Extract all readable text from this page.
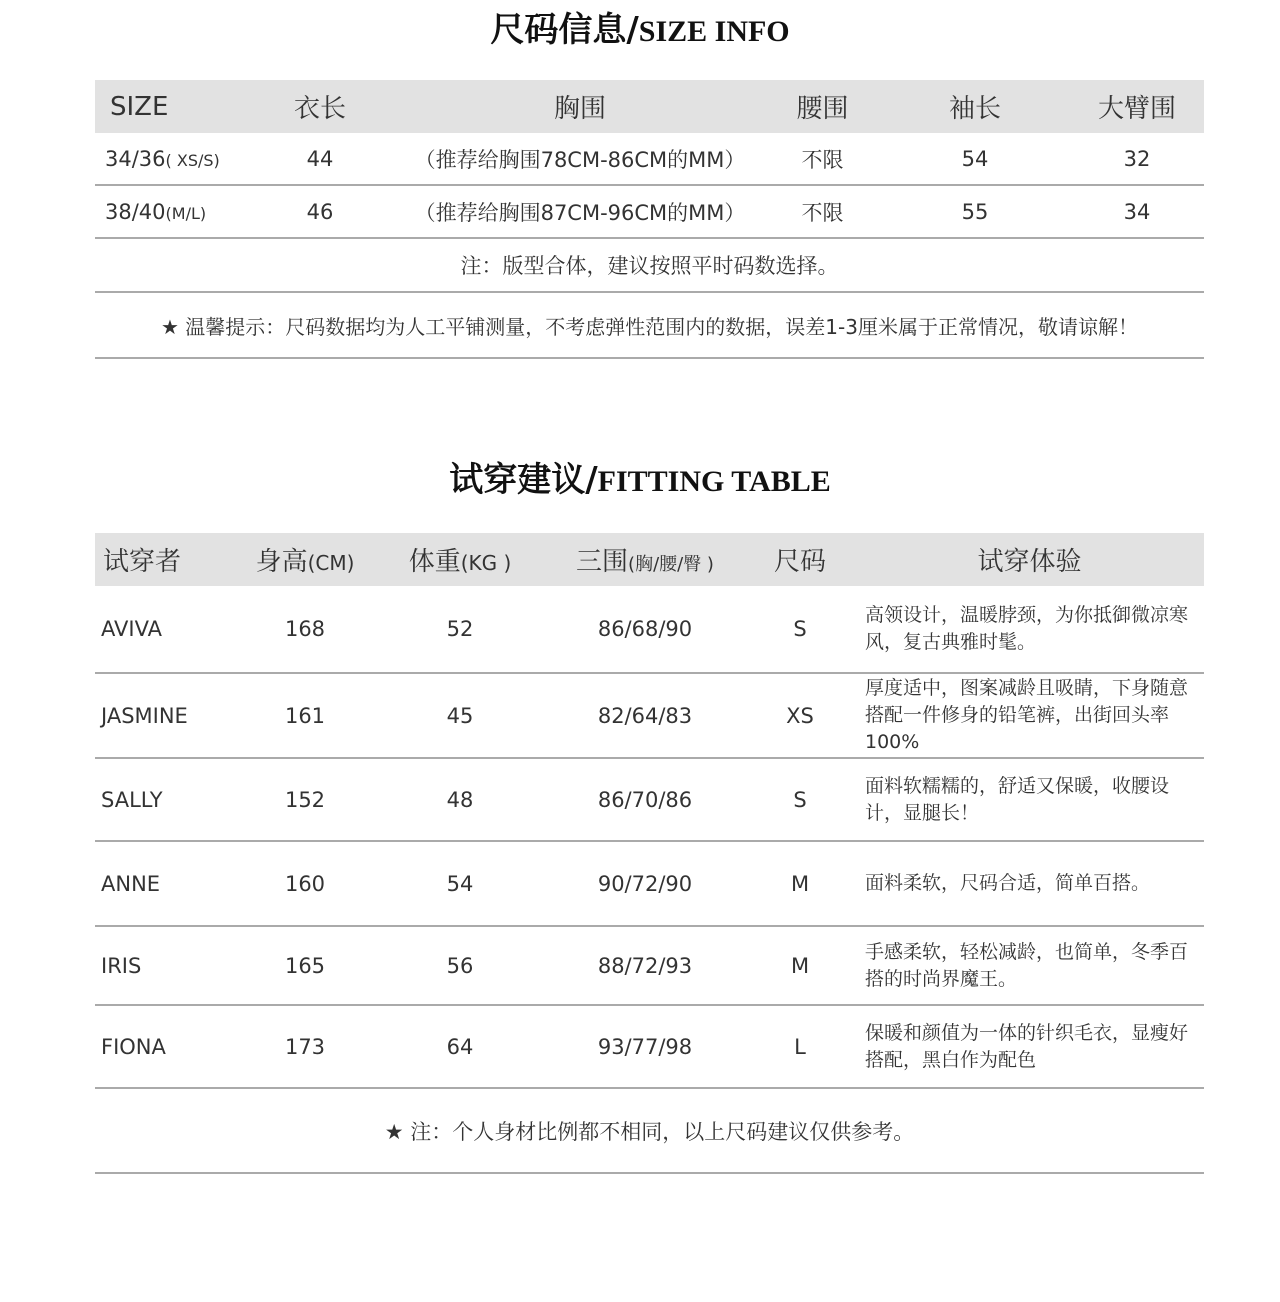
尺码信息/SIZE INFO
SIZE	衣长	胸围	腰围	袖长	大臂围
34/36( XS/S)	44	（推荐给胸围78CM-86CM的MM）	不限	54	32
38/40(M/L)	46	（推荐给胸围87CM-96CM的MM）	不限	55	34
注：版型合体，建议按照平时码数选择。					
★ 温馨提示：尺码数据均为人工平铺测量，不考虑弹性范围内的数据，误差1-3厘米属于正常情况，敬请谅解！					
试穿建议/FITTING TABLE
试穿者	身高(CM)	体重(KG )	三围(胸/腰/臀 )	尺码	试穿体验
AVIVA	168	52	86/68/90	S	高领设计，温暖脖颈，为你抵御微凉寒风，复古典雅时髦。
JASMINE	161	45	82/64/83	XS	厚度适中，图案减龄且吸睛，下身随意搭配一件修身的铅笔裤，出街回头率100%
SALLY	152	48	86/70/86	S	面料软糯糯的，舒适又保暖，收腰设计，显腿长！
ANNE	160	54	90/72/90	M	面料柔软，尺码合适，简单百搭。
IRIS	165	56	88/72/93	M	手感柔软，轻松减龄，也简单，冬季百搭的时尚界魔王。
FIONA	173	64	93/77/98	L	保暖和颜值为一体的针织毛衣，显瘦好搭配，黑白作为配色
★ 注：个人身材比例都不相同，以上尺码建议仅供参考。					
